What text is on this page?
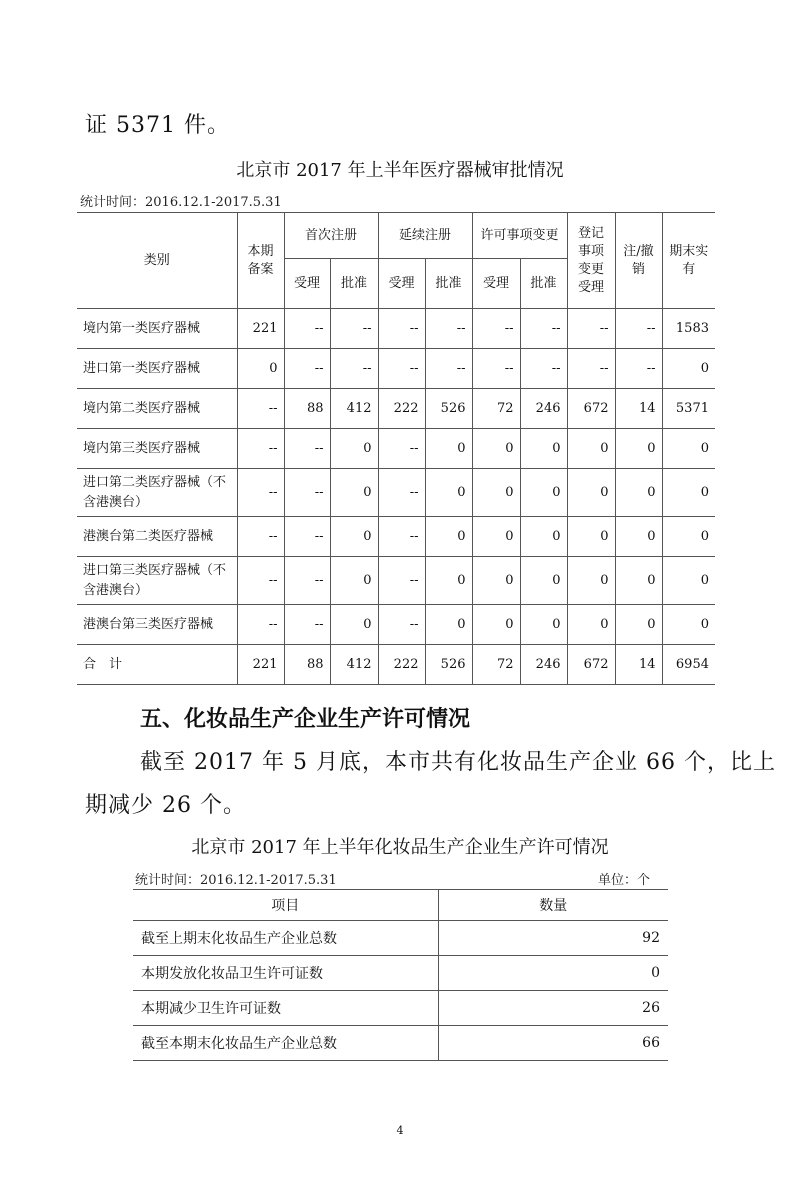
证 5371 件。
北京市 2017 年上半年医疗器械审批情况
统计时间：2016.12.1-2017.5.31
类别	本期备案	首次注册		延续注册		许可事项变更		登记事项变更受理	注/撤销	期末实有
		受理	批准	受理	批准	受理	批准			
境内第一类医疗器械	221	--	--	--	--	--	--	--	--	1583
进口第一类医疗器械	0	--	--	--	--	--	--	--	--	0
境内第二类医疗器械	--	88	412	222	526	72	246	672	14	5371
境内第三类医疗器械	--	--	0	--	0	0	0	0	0	0
进口第二类医疗器械（不含港澳台）	--	--	0	--	0	0	0	0	0	0
港澳台第二类医疗器械	--	--	0	--	0	0	0	0	0	0
进口第三类医疗器械（不含港澳台）	--	--	0	--	0	0	0	0	0	0
港澳台第三类医疗器械	--	--	0	--	0	0	0	0	0	0
合　计	221	88	412	222	526	72	246	672	14	6954
五、化妆品生产企业生产许可情况
截至 2017 年 5 月底，本市共有化妆品生产企业 66 个，比上
期减少 26 个。
北京市 2017 年上半年化妆品生产企业生产许可情况
统计时间：2016.12.1-2017.5.31	单位：个
项目	数量
截至上期末化妆品生产企业总数	92
本期发放化妆品卫生许可证数	0
本期减少卫生许可证数	26
截至本期末化妆品生产企业总数	66
4
